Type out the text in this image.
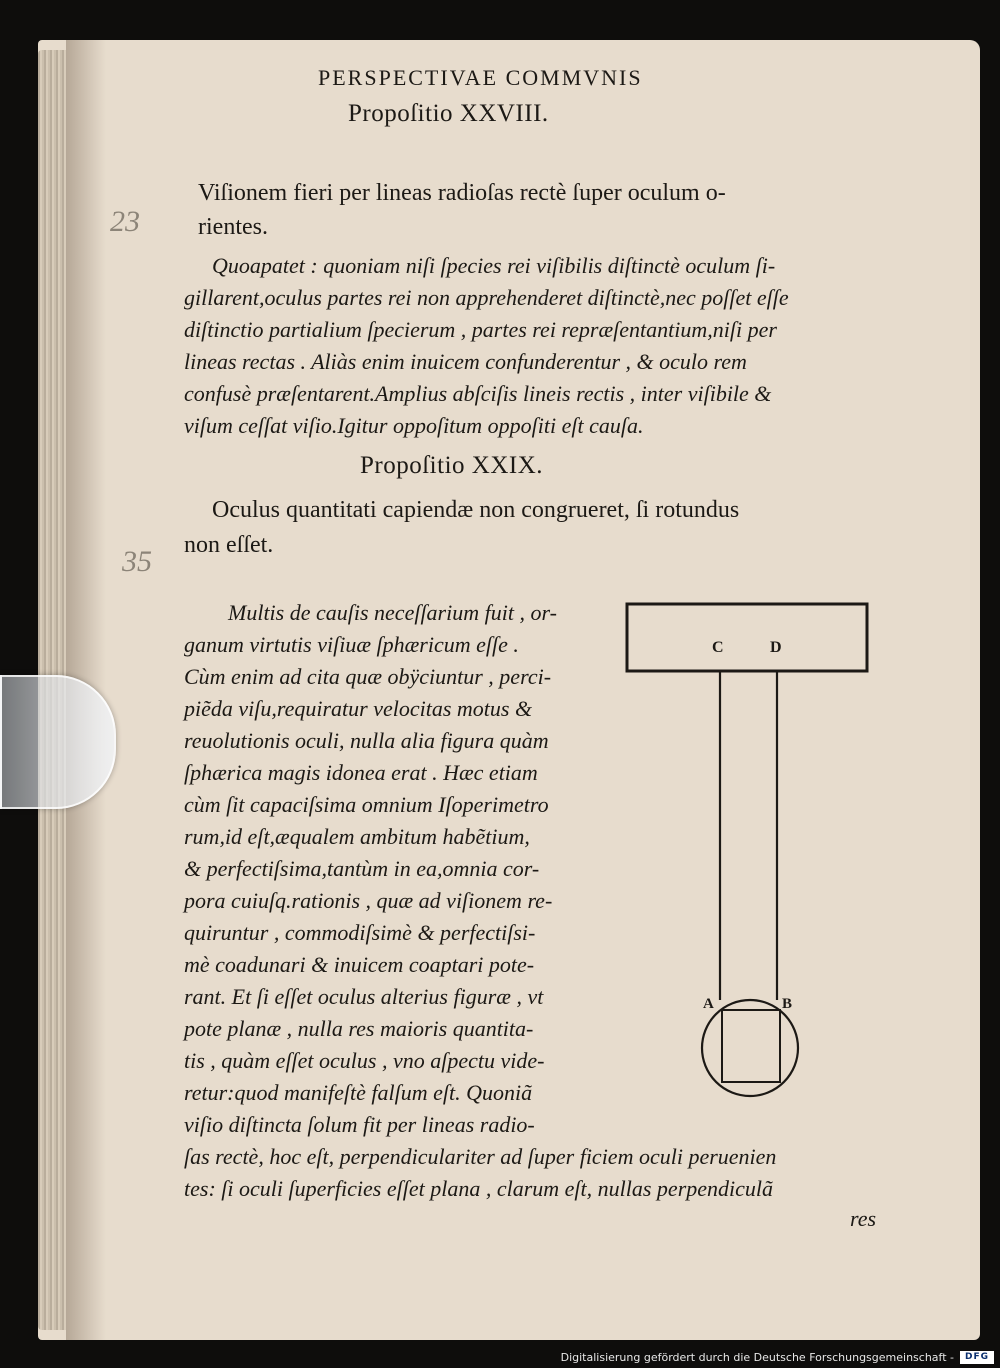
23
35
PERSPECTIVAE COMMVNIS
Propoſitio XXVIII.
Viſionem fieri per lineas radioſas rectè ſuper oculum o-
rientes.
Quoapatet : quoniam niſi ſpecies rei viſibilis diſtinctè oculum ſi-
gillarent,oculus partes rei non apprehenderet diſtinctè,nec poſſet eſſe
diſtinctio partialium ſpecierum , partes rei repræſentantium,niſi per
lineas rectas . Aliàs enim inuicem confunderentur , & oculo rem
confusè præſentarent.Amplius abſciſis lineis rectis , inter viſibile &
viſum ceſſat viſio.Igitur oppoſitum oppoſiti eſt cauſa.
Propoſitio XXIX.
Oculus quantitati capiendæ non congrueret, ſi rotundus
non eſſet.
Multis de cauſis neceſſarium fuit , or-
ganum virtutis viſiuæ ſphæricum eſſe .
Cùm enim ad cita quæ obÿciuntur , perci-
piẽda viſu,requiratur velocitas motus &
reuolutionis oculi, nulla alia figura quàm
ſphærica magis idonea erat . Hæc etiam
cùm ſit capaciſsima omnium Iſoperimetro
rum,id eſt,æqualem ambitum habẽtium,
& perfectiſsima,tantùm in ea,omnia cor-
pora cuiuſq.rationis , quæ ad viſionem re-
quiruntur , commodiſsimè & perfectiſsi-
mè coadunari & inuicem coaptari pote-
rant. Et ſi eſſet oculus alterius figuræ , vt
pote planæ , nulla res maioris quantita-
tis , quàm eſſet oculus , vno aſpectu vide-
retur:quod manifeſtè falſum eſt. Quoniã
viſio diſtincta ſolum fit per lineas radio-
ſas rectè, hoc eſt, perpendiculariter ad ſuper ficiem oculi peruenien
tes: ſi oculi ſuperficies eſſet plana , clarum eſt, nullas perpendiculã
res
C	D
A	B
Digitalisierung gefördert durch die Deutsche Forschungsgemeinschaft -	DFG
